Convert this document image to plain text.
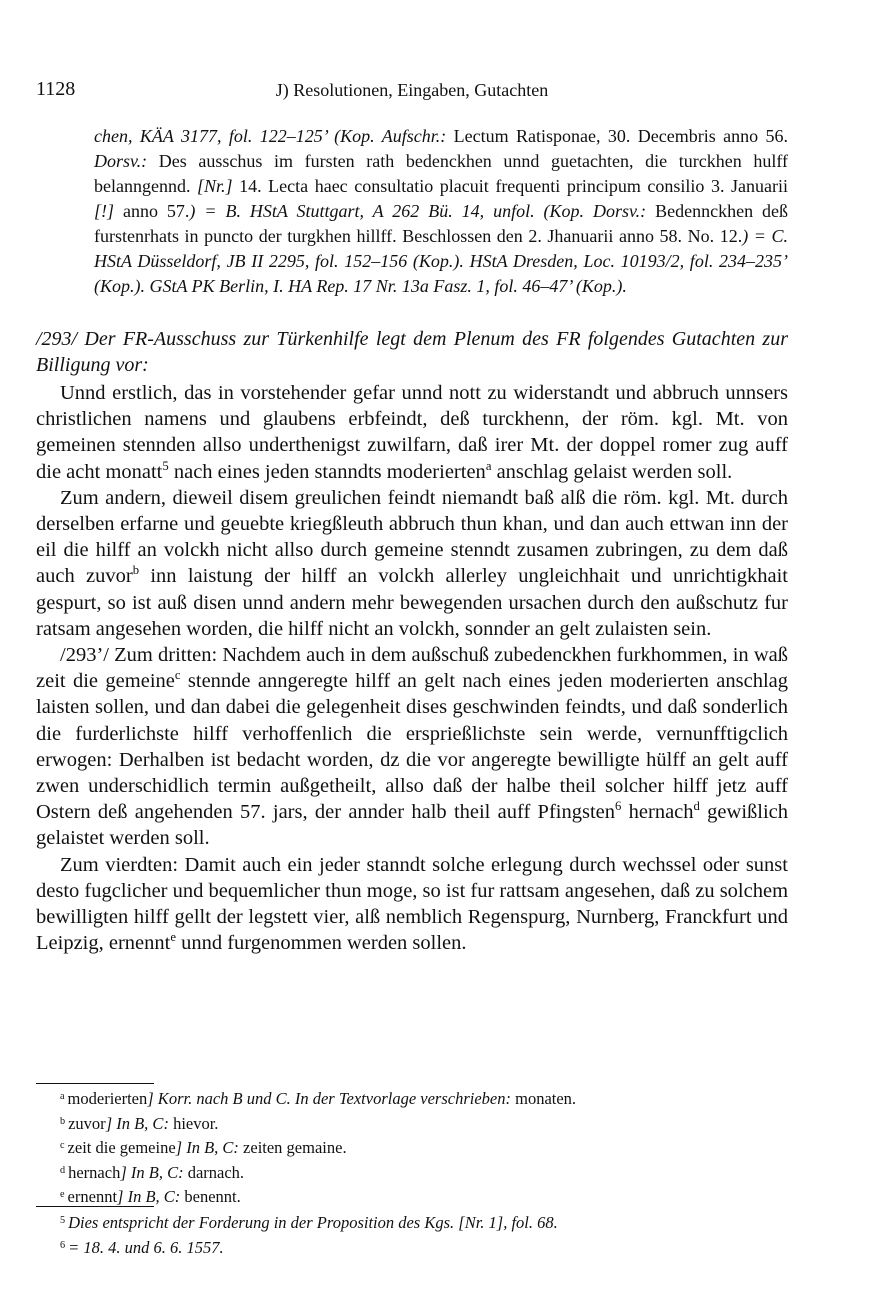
1128	J) Resolutionen, Eingaben, Gutachten
chen, KÄA 3177, fol. 122–125’ (Kop. Aufschr.: Lectum Ratisponae, 30. Decembris anno 56. Dorsv.: Des ausschus im fursten rath bedenckhen unnd guetachten, die turckhen hulff belanngennd. [Nr.] 14. Lecta haec consultatio placuit frequenti principum consilio 3. Januarii [!] anno 57.) = B. HStA Stuttgart, A 262 Bü. 14, unfol. (Kop. Dorsv.: Bedennckhen deß furstenrhats in puncto der turgkhen hillff. Beschlossen den 2. Jhanuarii anno 58. No. 12.) = C. HStA Düsseldorf, JB II 2295, fol. 152–156 (Kop.). HStA Dresden, Loc. 10193/2, fol. 234–235’ (Kop.). GStA PK Berlin, I. HA Rep. 17 Nr. 13a Fasz. 1, fol. 46–47’ (Kop.).
/293/ Der FR-Ausschuss zur Türkenhilfe legt dem Plenum des FR folgendes Gutachten zur Billigung vor:

Unnd erstlich, das in vorstehender gefar unnd nott zu widerstandt und abbruch unnsers christlichen namens und glaubens erbfeindt, deß turckhenn, der röm. kgl. Mt. von gemeinen stennden allso underthenigst zuwilfarn, daß irer Mt. der doppel romer zug auff die acht monatt$^5$ nach eines jeden stanndts moderierten$^a$ anschlag gelaist werden soll.

Zum andern, dieweil disem greulichen feindt niemandt baß alß die röm. kgl. Mt. durch derselben erfarne und geuebte kriegßleuth abbruch thun khan, und dan auch ettwan inn der eil die hilff an volckh nicht allso durch gemeine stenndt zusamen zubringen, zu dem daß auch zuvor$^b$ inn laistung der hilff an volckh allerley ungleichhait und unrichtigkhait gespurt, so ist auß disen unnd andern mehr bewegenden ursachen durch den außschutz fur ratsam angesehen worden, die hilff nicht an volckh, sonnder an gelt zulaisten sein.

/293’/ Zum dritten: Nachdem auch in dem außschuß zubedenckhen furkhommen, in waß zeit die gemeine$^c$ stennde anngeregte hilff an gelt nach eines jeden moderierten anschlag laisten sollen, und dan dabei die gelegenheit dises geschwinden feindts, und daß sonderlich die furderlichste hilff verhoffenlich die ersprießlichste sein werde, vernunfftigclich erwogen: Derhalben ist bedacht worden, dz die vor angeregte bewilligte hülff an gelt auff zwen underschidlich termin außgetheilt, allso daß der halbe theil solcher hilff jetz auff Ostern deß angehenden 57. jars, der annder halb theil auff Pfingsten$^6$ hernach$^d$ gewißlich gelaistet werden soll.

Zum vierdten: Damit auch ein jeder stanndt solche erlegung durch wechssel oder sunst desto fugclicher und bequemlicher thun moge, so ist fur rattsam angesehen, daß zu solchem bewilligten hilff gellt der legstett vier, alß nemblich Regenspurg, Nurnberg, Franckfurt und Leipzig, ernennt$^e$ unnd furgenommen werden sollen.

$^a$ moderierten] Korr. nach B und C. In der Textvorlage verschrieben: monaten.
$^b$ zuvor] In B, C: hievor.
$^c$ zeit die gemeine] In B, C: zeiten gemaine.
$^d$ hernach] In B, C: darnach.
$^e$ ernennt] In B, C: benennt.
$^5$ Dies entspricht der Forderung in der Proposition des Kgs. [Nr. 1], fol. 68.
$^6$ = 18. 4. und 6. 6. 1557.
